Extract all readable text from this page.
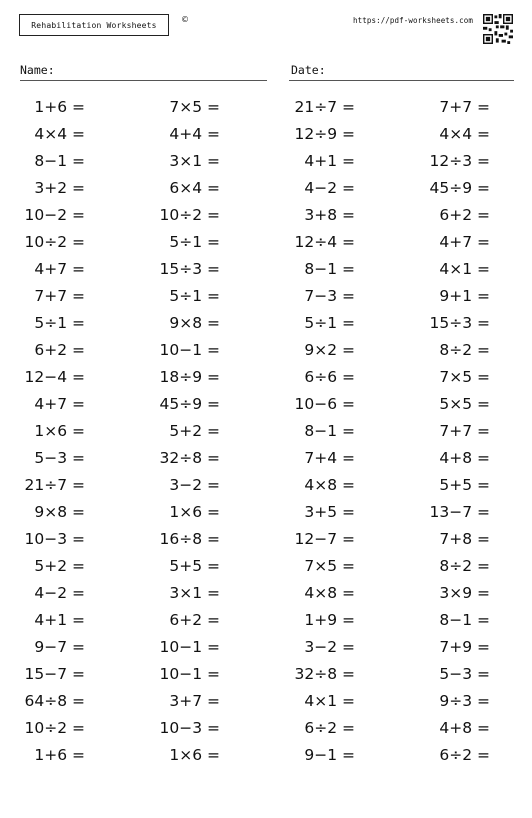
Rehabilitation Worksheets
©	https://pdf-worksheets.com
Name:	Date:
1+6 =	7×5 =	21÷7 =	7+7 =
4×4 =	4+4 =	12÷9 =	4×4 =
8−1 =	3×1 =	4+1 =	12÷3 =
3+2 =	6×4 =	4−2 =	45÷9 =
10−2 =	10÷2 =	3+8 =	6+2 =
10÷2 =	5÷1 =	12÷4 =	4+7 =
4+7 =	15÷3 =	8−1 =	4×1 =
7+7 =	5÷1 =	7−3 =	9+1 =
5÷1 =	9×8 =	5÷1 =	15÷3 =
6+2 =	10−1 =	9×2 =	8÷2 =
12−4 =	18÷9 =	6÷6 =	7×5 =
4+7 =	45÷9 =	10−6 =	5×5 =
1×6 =	5+2 =	8−1 =	7+7 =
5−3 =	32÷8 =	7+4 =	4+8 =
21÷7 =	3−2 =	4×8 =	5+5 =
9×8 =	1×6 =	3+5 =	13−7 =
10−3 =	16÷8 =	12−7 =	7+8 =
5+2 =	5+5 =	7×5 =	8÷2 =
4−2 =	3×1 =	4×8 =	3×9 =
4+1 =	6+2 =	1+9 =	8−1 =
9−7 =	10−1 =	3−2 =	7+9 =
15−7 =	10−1 =	32÷8 =	5−3 =
64÷8 =	3+7 =	4×1 =	9÷3 =
10÷2 =	10−3 =	6÷2 =	4+8 =
1+6 =	1×6 =	9−1 =	6÷2 =
